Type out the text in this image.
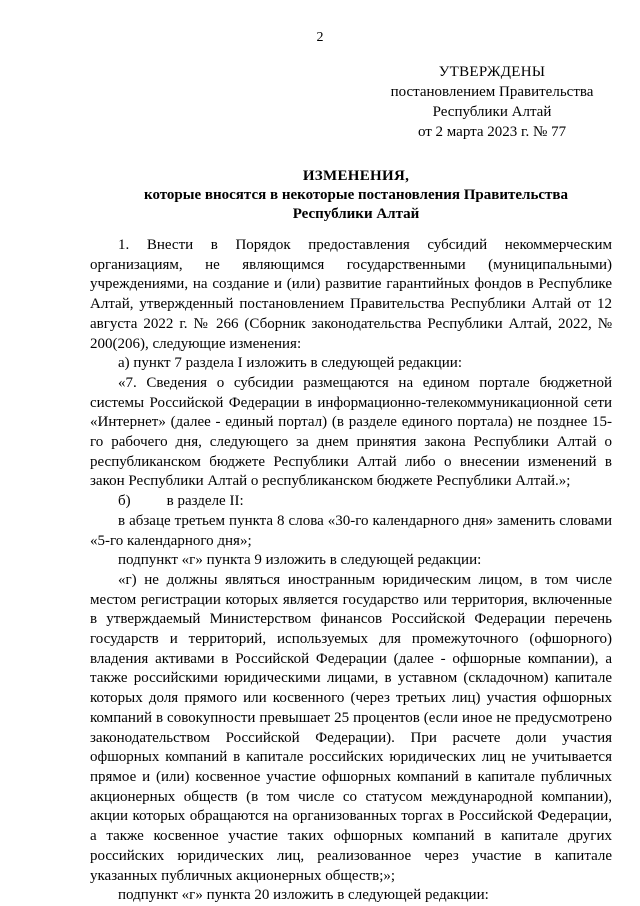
2
УТВЕРЖДЕНЫ
постановлением Правительства
Республики Алтай
от 2 марта 2023 г. № 77
ИЗМЕНЕНИЯ,
которые вносятся в некоторые постановления Правительства
Республики Алтай

1. Внести в Порядок предоставления субсидий некоммерческим организациям, не являющимся государственными (муниципальными) учреждениями, на создание и (или) развитие гарантийных фондов в Республике Алтай, утвержденный постановлением Правительства Республики Алтай от 12 августа 2022 г. № 266 (Сборник законодательства Республики Алтай, 2022, № 200(206), следующие изменения:

а) пункт 7 раздела I изложить в следующей редакции:

«7. Сведения о субсидии размещаются на едином портале бюджетной системы Российской Федерации в информационно-телекоммуникационной сети «Интернет» (далее - единый портал) (в разделе единого портала) не позднее 15-го рабочего дня, следующего за днем принятия закона Республики Алтай о республиканском бюджете Республики Алтай либо о внесении изменений в закон Республики Алтай о республиканском бюджете Республики Алтай.»;

б) в разделе II:

в абзаце третьем пункта 8 слова «30-го календарного дня» заменить словами «5-го календарного дня»;

подпункт «г» пункта 9 изложить в следующей редакции:

«г) не должны являться иностранным юридическим лицом, в том числе местом регистрации которых является государство или территория, включенные в утверждаемый Министерством финансов Российской Федерации перечень государств и территорий, используемых для промежуточного (офшорного) владения активами в Российской Федерации (далее - офшорные компании), а также российскими юридическими лицами, в уставном (складочном) капитале которых доля прямого или косвенного (через третьих лиц) участия офшорных компаний в совокупности превышает 25 процентов (если иное не предусмотрено законодательством Российской Федерации). При расчете доли участия офшорных компаний в капитале российских юридических лиц не учитывается прямое и (или) косвенное участие офшорных компаний в капитале публичных акционерных обществ (в том числе со статусом международной компании), акции которых обращаются на организованных торгах в Российской Федерации, а также косвенное участие таких офшорных компаний в капитале других российских юридических лиц, реализованное через участие в капитале указанных публичных акционерных обществ;»;

подпункт «г» пункта 20 изложить в следующей редакции:
